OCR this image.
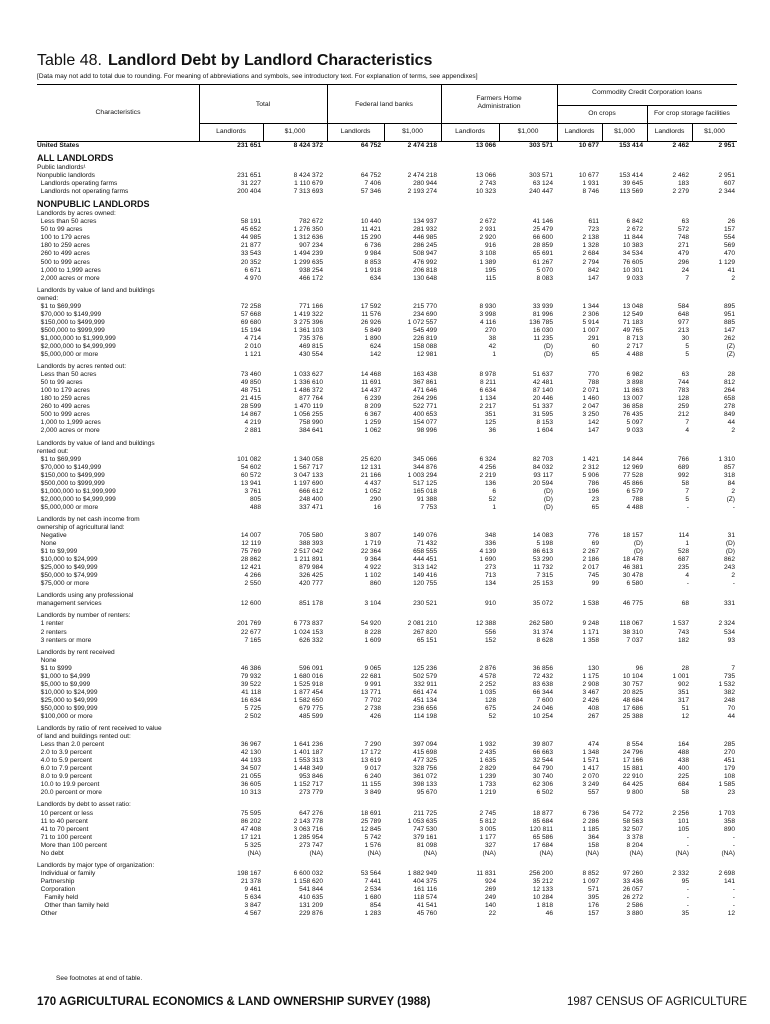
Table 48. Landlord Debt by Landlord Characteristics
[Data may not add to total due to rounding. For meaning of abbreviations and symbols, see introductory text. For explanation of terms, see appendixes]
Characteristics
Total	Federal land banks
Farmers Home Administration
Commodity Credit Corporation loans
On crops	For crop storage facilities
Landlords	$1,000	Landlords	$1,000	Landlords	$1,000	Landlords	$1,000	Landlords	$1,000
United States	231 651	8 424 372	64 752	2 474 218	13 066	303 571	10 677	153 414	2 462	2 951
ALL LANDLORDS
Public landlords¹
Nonpublic landlords	231 651	8 424 372	64 752	2 474 218	13 066	303 571	10 677	153 414	2 462	2 951
Landlords operating farms	31 227	1 110 679	7 406	280 944	2 743	63 124	1 931	39 645	183	607
Landlords not operating farms	200 404	7 313 693	57 346	2 193 274	10 323	240 447	8 746	113 569	2 279	2 344
NONPUBLIC LANDLORDS
Landlords by acres owned:
Less than 50 acres	58 191	782 672	10 440	134 937	2 672	41 146	611	6 842	63	26
50 to 99 acres	45 652	1 276 350	11 421	281 932	2 931	25 479	723	2 672	572	157
100 to 179 acres	44 985	1 312 636	15 290	446 985	2 920	66 600	2 138	11 844	748	554
180 to 259 acres	21 877	907 234	6 736	286 245	916	28 859	1 328	10 383	271	569
260 to 499 acres	33 543	1 494 239	9 984	508 947	3 108	65 691	2 684	34 534	479	470
500 to 999 acres	20 352	1 299 635	8 853	476 992	1 389	61 267	2 794	76 605	296	1 129
1,000 to 1,999 acres	6 671	938 254	1 918	206 818	195	5 070	842	10 301	24	41
2,000 acres or more	4 970	466 172	634	130 648	115	8 083	147	9 033	7	2
Landlords by value of land and buildings
owned:
$1 to $69,999	72 258	771 166	17 592	215 770	8 930	33 939	1 344	13 048	584	895
$70,000 to $149,999	57 668	1 419 322	11 576	234 690	3 998	81 996	2 306	12 549	648	951
$150,000 to $499,999	69 680	3 275 396	26 926	1 072 557	4 116	136 785	5 914	71 183	977	885
$500,000 to $999,999	15 194	1 361 103	5 849	545 499	270	16 030	1 007	49 765	213	147
$1,000,000 to $1,999,999	4 714	735 376	1 890	226 819	38	11 235	291	8 713	30	262
$2,000,000 to $4,999,999	2 010	469 815	624	158 088	42	(D)	60	2 717	5	(Z)
$5,000,000 or more	1 121	430 554	142	12 981	1	(D)	65	4 488	5	(Z)
Landlords by acres rented out:
Less than 50 acres	73 460	1 033 627	14 468	163 438	8 978	51 637	770	6 982	63	28
50 to 99 acres	49 850	1 336 610	11 691	367 861	8 211	42 481	788	3 898	744	812
100 to 179 acres	48 751	1 486 372	14 437	471 646	6 634	87 140	2 071	11 863	783	264
180 to 259 acres	21 415	877 764	6 239	264 296	1 134	20 446	1 460	13 007	128	658
260 to 499 acres	28 599	1 470 119	8 209	522 771	2 217	51 337	2 047	36 858	259	278
500 to 999 acres	14 867	1 056 255	6 367	400 653	351	31 595	3 250	76 435	212	849
1,000 to 1,999 acres	4 219	758 990	1 259	154 077	125	8 153	142	5 097	7	44
2,000 acres or more	2 881	384 641	1 062	98 996	36	1 604	147	9 033	4	2
Landlords by value of land and buildings
rented out:
$1 to $69,999	101 082	1 340 058	25 620	345 066	6 324	82 703	1 421	14 844	766	1 310
$70,000 to $149,999	54 602	1 567 717	12 131	344 876	4 256	84 032	2 312	12 969	689	857
$150,000 to $499,999	60 572	3 047 133	21 166	1 003 294	2 219	93 117	5 906	77 528	992	318
$500,000 to $999,999	13 941	1 197 690	4 437	517 125	136	20 594	786	45 866	58	84
$1,000,000 to $1,999,999	3 761	666 612	1 052	165 018	6	(D)	196	6 579	7	2
$2,000,000 to $4,999,999	805	248 400	290	91 388	52	(D)	23	788	5	(Z)
$5,000,000 or more	488	337 471	16	7 753	1	(D)	65	4 488	-	-
Landlords by net cash income from
ownership of agricultural land:
Negative	14 007	705 580	3 807	149 076	348	14 083	776	18 157	114	31
None	12 119	388 393	1 719	71 432	336	5 198	69	(D)	1	(D)
$1 to $9,999	75 769	2 517 042	22 364	658 555	4 139	86 613	2 267	(D)	528	(D)
$10,000 to $24,999	28 862	1 211 891	9 364	444 451	1 690	53 290	2 186	18 478	687	862
$25,000 to $49,999	12 421	879 984	4 922	313 142	273	11 732	2 017	46 381	235	243
$50,000 to $74,999	4 266	326 425	1 102	149 416	713	7 315	745	30 478	4	2
$75,000 or more	2 550	420 777	860	120 755	134	25 153	99	6 580	-	-
Landlords using any professional
management services	12 600	851 178	3 104	230 521	910	35 072	1 538	46 775	68	331
Landlords by number of renters:
1 renter	201 769	6 773 837	54 920	2 081 210	12 388	262 580	9 248	118 067	1 537	2 324
2 renters	22 677	1 024 153	8 228	267 820	556	31 374	1 171	38 310	743	534
3 renters or more	7 165	626 332	1 609	65 151	152	8 628	1 358	7 037	182	93
Landlords by rent received
None
$1 to $999	46 386	596 091	9 065	125 236	2 876	36 856	130	96	28	7
$1,000 to $4,999	79 932	1 680 016	22 681	502 579	4 578	72 432	1 175	10 104	1 001	735
$5,000 to $9,999	39 522	1 525 918	9 991	332 911	2 252	83 638	2 908	30 757	902	1 532
$10,000 to $24,999	41 118	1 877 454	13 771	661 474	1 035	66 344	3 467	20 825	351	382
$25,000 to $49,999	16 634	1 582 650	7 702	451 134	128	7 600	2 426	48 684	317	248
$50,000 to $99,999	5 725	679 775	2 738	236 656	675	24 046	408	17 686	51	70
$100,000 or more	2 502	485 599	426	114 198	52	10 254	267	25 388	12	44
Landlords by ratio of rent received to value
of land and buildings rented out:
Less than 2.0 percent	36 967	1 641 236	7 290	397 094	1 932	39 807	474	8 554	164	285
2.0 to 3.9 percent	42 130	1 401 187	17 172	415 698	2 435	66 663	1 348	24 796	488	270
4.0 to 5.9 percent	44 193	1 553 313	13 619	477 325	1 635	32 544	1 571	17 166	438	451
6.0 to 7.9 percent	34 507	1 448 349	9 017	328 756	2 829	64 790	1 417	15 881	400	179
8.0 to 9.9 percent	21 055	953 846	6 240	361 072	1 239	30 740	2 070	22 910	225	108
10.0 to 19.9 percent	36 605	1 152 717	11 155	398 133	1 733	62 306	3 249	64 425	684	1 585
20.0 percent or more	10 313	273 779	3 849	95 670	1 219	6 502	557	9 800	58	23
Landlords by debt to asset ratio:
10 percent or less	75 595	647 276	18 691	211 725	2 745	18 877	6 736	54 772	2 256	1 703
11 to 40 percent	86 202	2 143 778	25 789	1 053 635	5 812	85 684	2 286	58 563	101	358
41 to 70 percent	47 408	3 063 716	12 845	747 530	3 005	120 811	1 185	32 507	105	890
71 to 100 percent	17 121	1 285 954	5 742	379 161	1 177	65 586	364	3 378	-	-
More than 100 percent	5 325	273 747	1 576	81 098	327	17 684	158	8 204	-	-
No debt	(NA)	(NA)	(NA)	(NA)	(NA)	(NA)	(NA)	(NA)	(NA)	(NA)
Landlords by major type of organization:
Individual or family	198 167	6 600 032	53 564	1 882 949	11 831	256 200	8 852	97 260	2 332	2 698
Partnership	21 378	1 158 620	7 441	404 375	924	35 212	1 097	33 436	95	141
Corporation	9 461	541 844	2 534	161 116	269	12 133	571	26 057	-	-
Family held	5 634	410 635	1 680	118 574	249	10 284	395	26 272	-	-
Other than family held	3 847	131 209	854	41 541	140	1 818	176	2 586	-	-
Other	4 567	229 876	1 283	45 760	22	46	157	3 880	35	12
See footnotes at end of table.
170 AGRICULTURAL ECONOMICS & LAND OWNERSHIP SURVEY (1988)	1987 CENSUS OF AGRICULTURE
